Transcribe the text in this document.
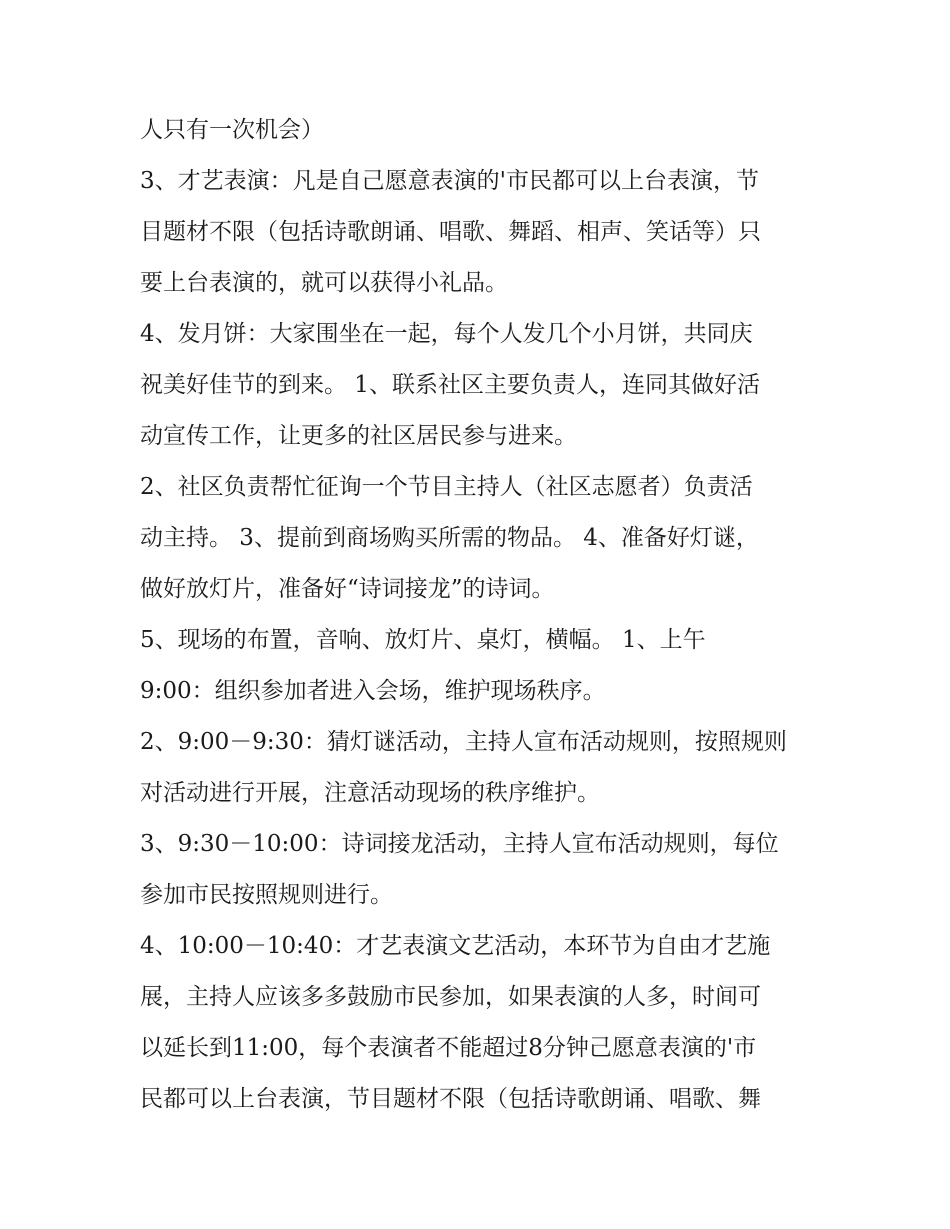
人只有一次机会）
3、才艺表演：凡是自己愿意表演的'市民都可以上台表演，节
目题材不限（包括诗歌朗诵、唱歌、舞蹈、相声、笑话等）只
要上台表演的，就可以获得小礼品。
4、发月饼：大家围坐在一起，每个人发几个小月饼，共同庆
祝美好佳节的到来。 1、联系社区主要负责人，连同其做好活
动宣传工作，让更多的社区居民参与进来。
2、社区负责帮忙征询一个节目主持人（社区志愿者）负责活
动主持。 3、提前到商场购买所需的物品。 4、准备好灯谜，
做好放灯片，准备好“诗词接龙”的诗词。
5、现场的布置，音响、放灯片、桌灯，横幅。 1、上午
9:00：组织参加者进入会场，维护现场秩序。
2、9:00－9:30：猜灯谜活动，主持人宣布活动规则，按照规则
对活动进行开展，注意活动现场的秩序维护。
3、9:30－10:00：诗词接龙活动，主持人宣布活动规则，每位
参加市民按照规则进行。
4、10:00－10:40：才艺表演文艺活动，本环节为自由才艺施
展，主持人应该多多鼓励市民参加，如果表演的人多，时间可
以延长到11:00，每个表演者不能超过8分钟己愿意表演的'市
民都可以上台表演，节目题材不限（包括诗歌朗诵、唱歌、舞
